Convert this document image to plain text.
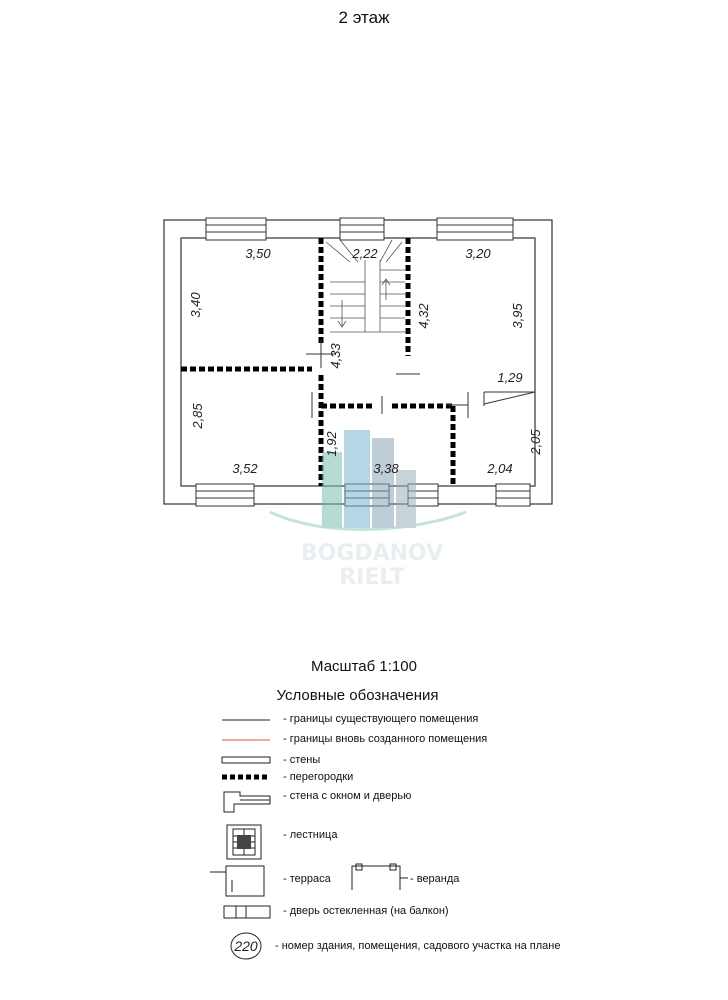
2 этаж
BOGDANOV
RIELT
3,50	2,22	3,20
3,40	4,32	3,95
4,33
1,29
2,85
1,92	2,05
3,52	3,38	2,04
Масштаб 1:100
Условные обозначения
220
- границы существующего помещения
- границы вновь созданного помещения
- стены
- перегородки
- стена с окном и дверью
- лестница
- терраса	- веранда
- дверь остекленная (на балкон)
- номер здания, помещения, садового участка на плане
